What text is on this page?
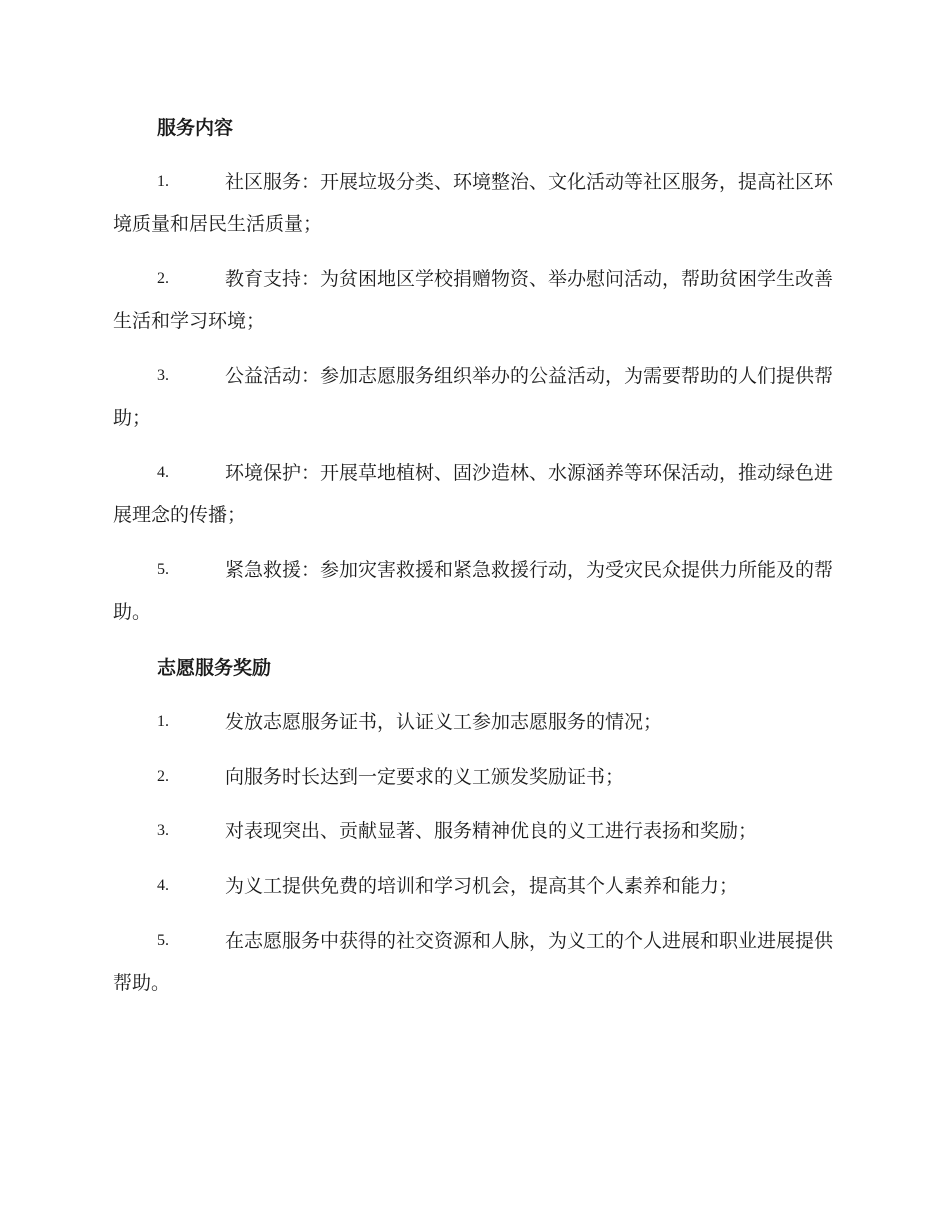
服务内容
1.	社区服务：开展垃圾分类、环境整治、文化活动等社区服务，提高社区环境质量和居民生活质量；

2.	教育支持：为贫困地区学校捐赠物资、举办慰问活动，帮助贫困学生改善生活和学习环境；

3.	公益活动：参加志愿服务组织举办的公益活动，为需要帮助的人们提供帮助；

4.	环境保护：开展草地植树、固沙造林、水源涵养等环保活动，推动绿色进展理念的传播；

5.	紧急救援：参加灾害救援和紧急救援行动，为受灾民众提供力所能及的帮助。

志愿服务奖励
1.	发放志愿服务证书，认证义工参加志愿服务的情况；

2.	向服务时长达到一定要求的义工颁发奖励证书；

3.	对表现突出、贡献显著、服务精神优良的义工进行表扬和奖励；

4.	为义工提供免费的培训和学习机会，提高其个人素养和能力；

5.	在志愿服务中获得的社交资源和人脉，为义工的个人进展和职业进展提供帮助。
